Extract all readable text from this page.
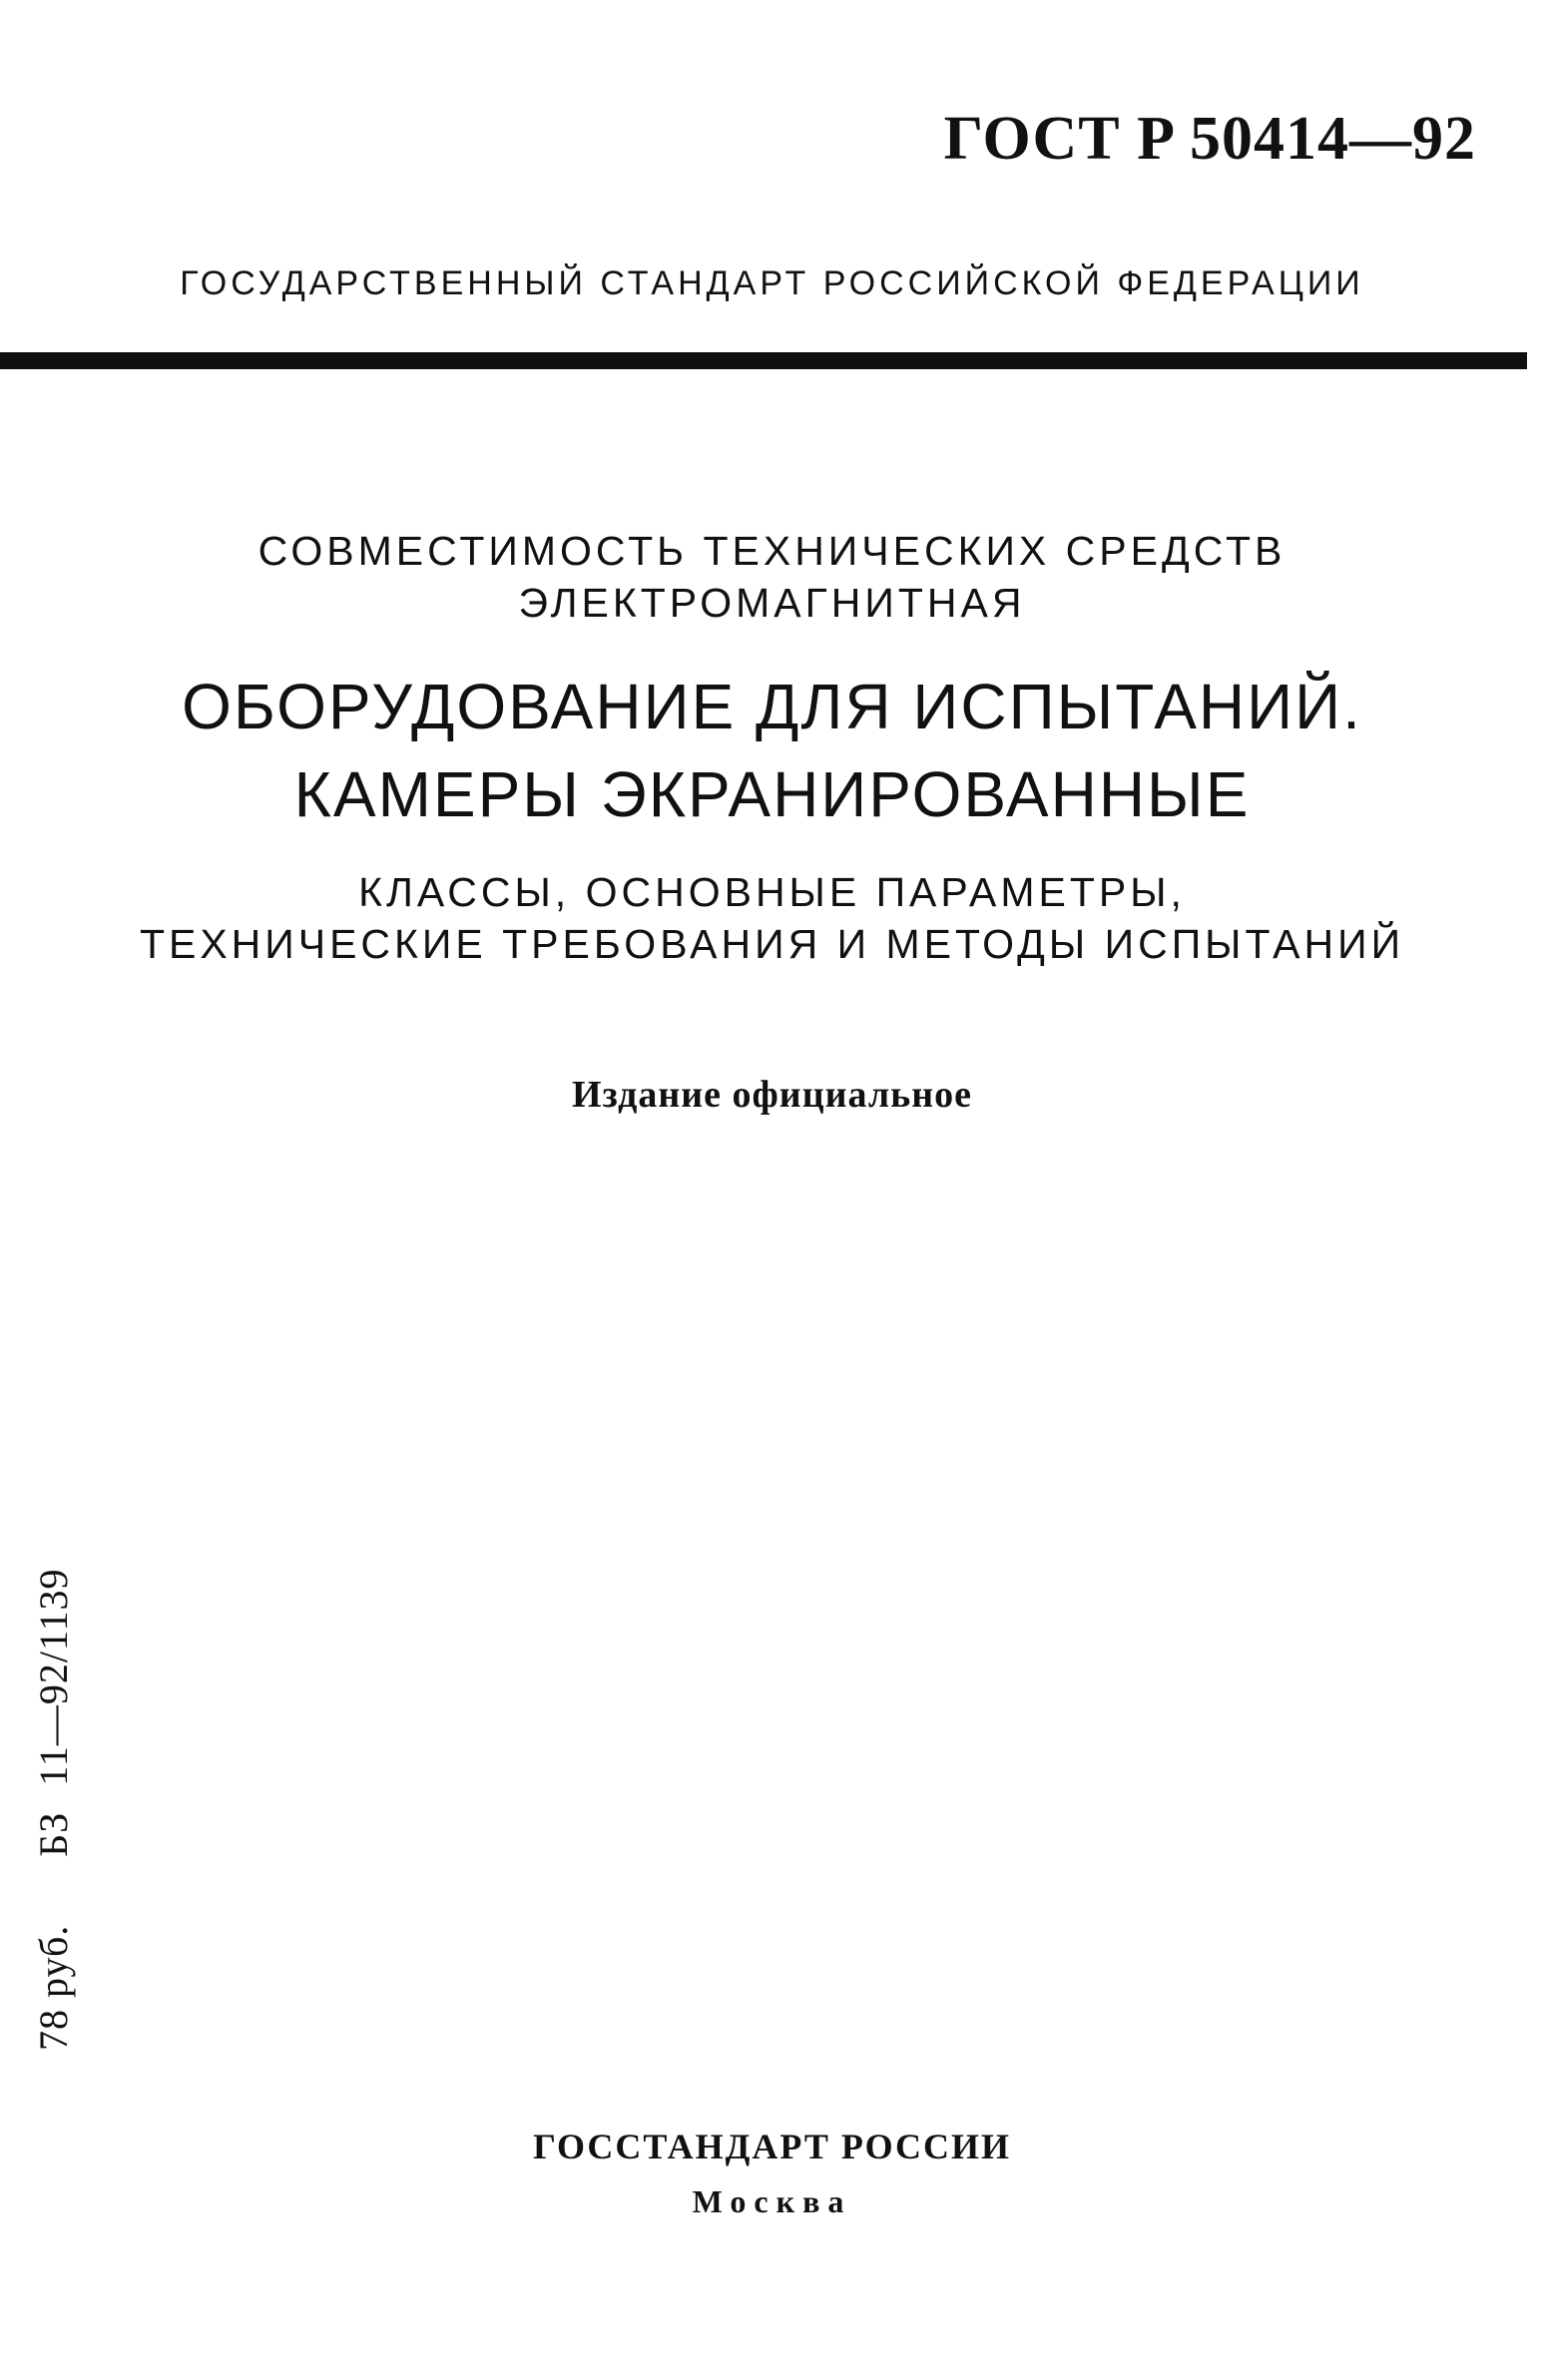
ГОСТ Р 50414—92
ГОСУДАРСТВЕННЫЙ СТАНДАРТ РОССИЙСКОЙ ФЕДЕРАЦИИ
СОВМЕСТИМОСТЬ ТЕХНИЧЕСКИХ СРЕДСТВ
ЭЛЕКТРОМАГНИТНАЯ
ОБОРУДОВАНИЕ ДЛЯ ИСПЫТАНИЙ.
КАМЕРЫ ЭКРАНИРОВАННЫЕ
КЛАССЫ, ОСНОВНЫЕ ПАРАМЕТРЫ,
ТЕХНИЧЕСКИЕ ТРЕБОВАНИЯ И МЕТОДЫ ИСПЫТАНИЙ
Издание официальное
78 руб.БЗ11—92/1139
ГОССТАНДАРТ РОССИИ
Москва
